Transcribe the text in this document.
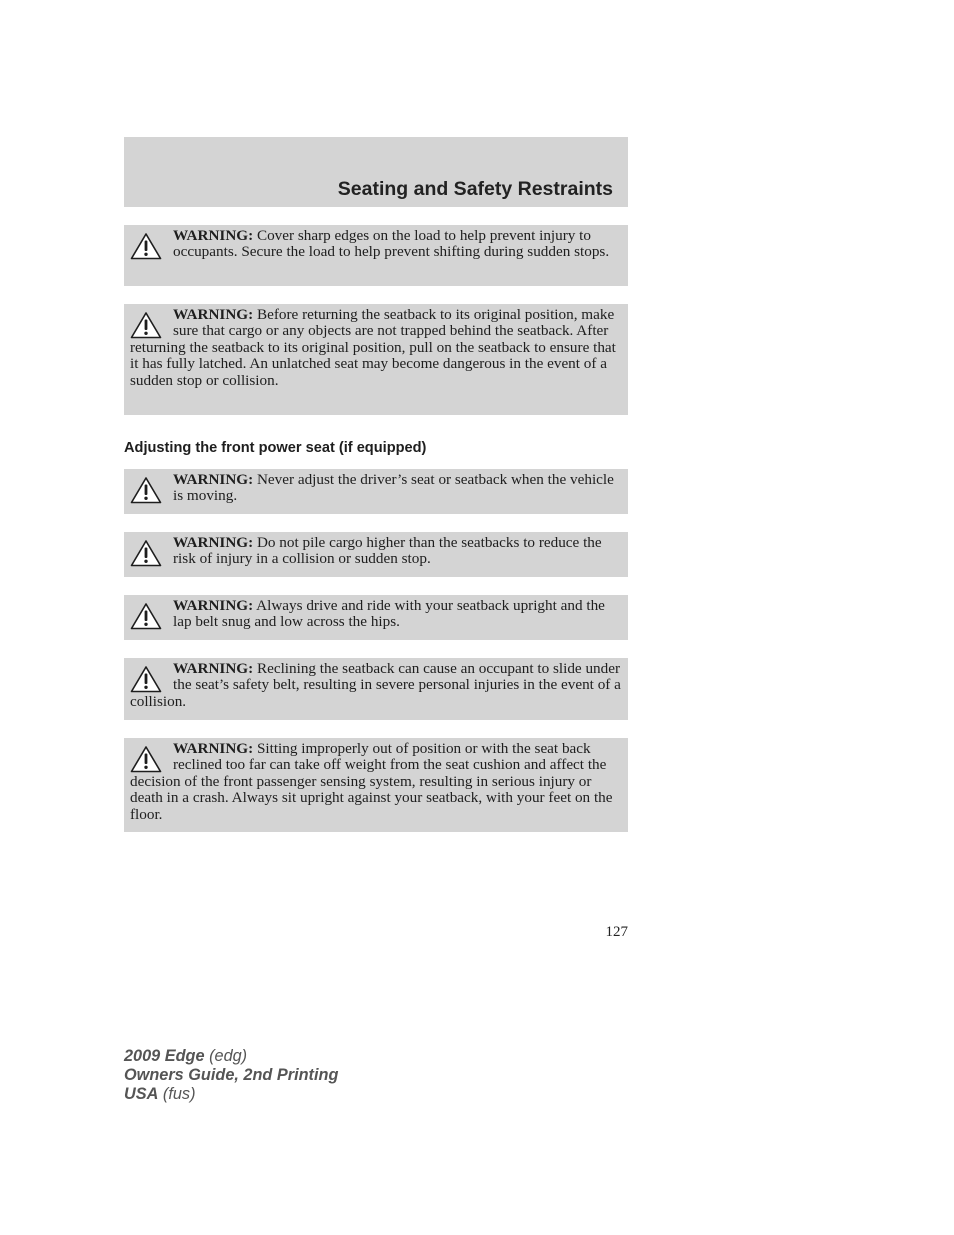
Seating and Safety Restraints
WARNING: Cover sharp edges on the load to help prevent injury to occupants. Secure the load to help prevent shifting during sudden stops.
WARNING: Before returning the seatback to its original position, make sure that cargo or any objects are not trapped behind the seatback. After returning the seatback to its original position, pull on the seatback to ensure that it has fully latched. An unlatched seat may become dangerous in the event of a sudden stop or collision.
Adjusting the front power seat (if equipped)
WARNING: Never adjust the driver’s seat or seatback when the vehicle is moving.
WARNING: Do not pile cargo higher than the seatbacks to reduce the risk of injury in a collision or sudden stop.
WARNING: Always drive and ride with your seatback upright and the lap belt snug and low across the hips.
WARNING: Reclining the seatback can cause an occupant to slide under the seat’s safety belt, resulting in severe personal injuries in the event of a collision.
WARNING: Sitting improperly out of position or with the seat back reclined too far can take off weight from the seat cushion and affect the decision of the front passenger sensing system, resulting in serious injury or death in a crash. Always sit upright against your seatback, with your feet on the floor.
127
2009 Edge (edg)
Owners Guide, 2nd Printing
USA (fus)
